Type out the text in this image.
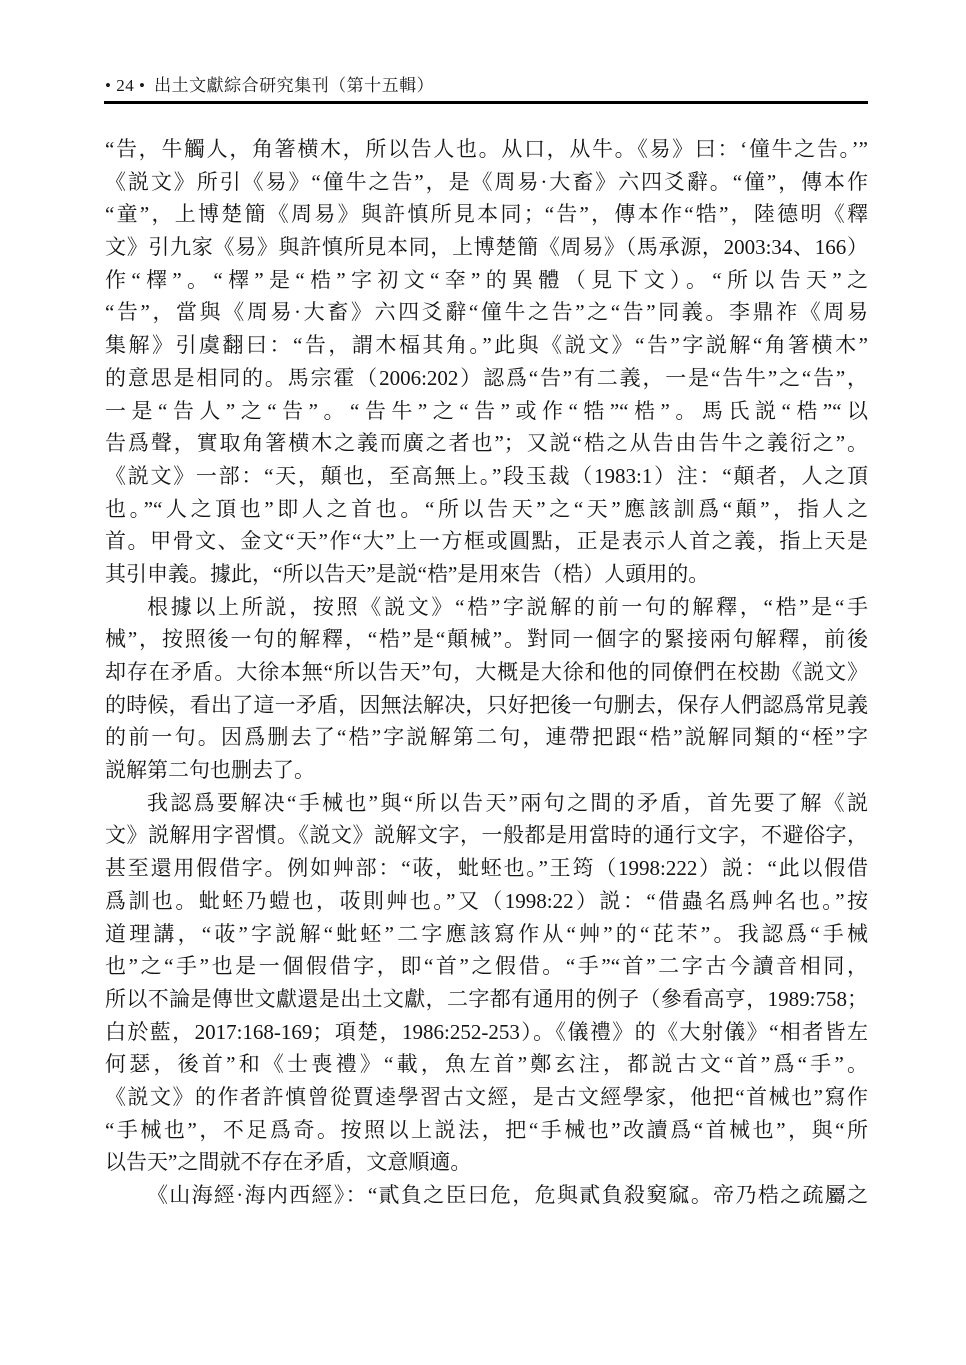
• 24 • 出土文獻綜合研究集刊（第十五輯）

“告，牛觸人，角箸横木，所以告人也。从口，从牛。《易》曰：‘僮牛之告。’”
《説文》所引《易》“僮牛之告”，是《周易·大畜》六四爻辭。“僮”，傳本作
“童”，上博楚簡《周易》與許慎所見本同；“告”，傳本作“牿”，陸德明《釋
文》引九家《易》與許慎所見本同，上博楚簡《周易》（馬承源，2003:34、166）
作“檡”。“檡”是“梏”字初文“㚔”的異體（見下文）。“所以告天”之
“告”，當與《周易·大畜》六四爻辭“僮牛之告”之“告”同義。李鼎祚《周易
集解》引虞翻曰：“告，謂木楅其角。”此與《説文》“告”字説解“角箸横木”
的意思是相同的。馬宗霍（2006:202）認爲“告”有二義，一是“告牛”之“告”，
一是“告人”之“告”。“告牛”之“告”或作“牿”“梏”。馬氏説“梏”“以
告爲聲，實取角箸横木之義而廣之者也”；又説“梏之从告由告牛之義衍之”。
《説文》一部：“天，顛也，至高無上。”段玉裁（1983:1）注：“顛者，人之頂
也。”“人之頂也”即人之首也。“所以告天”之“天”應該訓爲“顛”，指人之
首。甲骨文、金文“天”作“大”上一方框或圓點，正是表示人首之義，指上天是
其引申義。據此，“所以告天”是説“梏”是用來告（梏）人頭用的。

根據以上所説，按照《説文》“梏”字説解的前一句的解釋，“梏”是“手
械”，按照後一句的解釋，“梏”是“顛械”。對同一個字的緊接兩句解釋，前後
却存在矛盾。大徐本無“所以告天”句，大概是大徐和他的同僚們在校勘《説文》
的時候，看出了這一矛盾，因無法解决，只好把後一句删去，保存人們認爲常見義
的前一句。因爲删去了“梏”字説解第二句，連帶把跟“梏”説解同類的“桎”字
説解第二句也删去了。

我認爲要解决“手械也”與“所以告天”兩句之間的矛盾，首先要了解《説
文》説解用字習慣。《説文》説解文字，一般都是用當時的通行文字，不避俗字，
甚至還用假借字。例如艸部：“荍，蚍蚽也。”王筠（1998:222）説：“此以假借
爲訓也。蚍蚽乃螘也，荍則艸也。”又（1998:22）説：“借蟲名爲艸名也。”按
道理講，“荍”字説解“蚍蚽”二字應該寫作从“艸”的“芘芣”。我認爲“手械
也”之“手”也是一個假借字，即“首”之假借。“手”“首”二字古今讀音相同，
所以不論是傳世文獻還是出土文獻，二字都有通用的例子（參看高亨，1989:758；
白於藍，2017:168-169；項楚，1986:252-253）。《儀禮》的《大射儀》“相者皆左
何瑟，後首”和《士喪禮》“載，魚左首”鄭玄注，都説古文“首”爲“手”。
《説文》的作者許慎曾從賈逵學習古文經，是古文經學家，他把“首械也”寫作
“手械也”，不足爲奇。按照以上説法，把“手械也”改讀爲“首械也”，與“所
以告天”之間就不存在矛盾，文意順適。

《山海經·海内西經》：“貳負之臣曰危，危與貳負殺窫窳。帝乃梏之疏屬之
